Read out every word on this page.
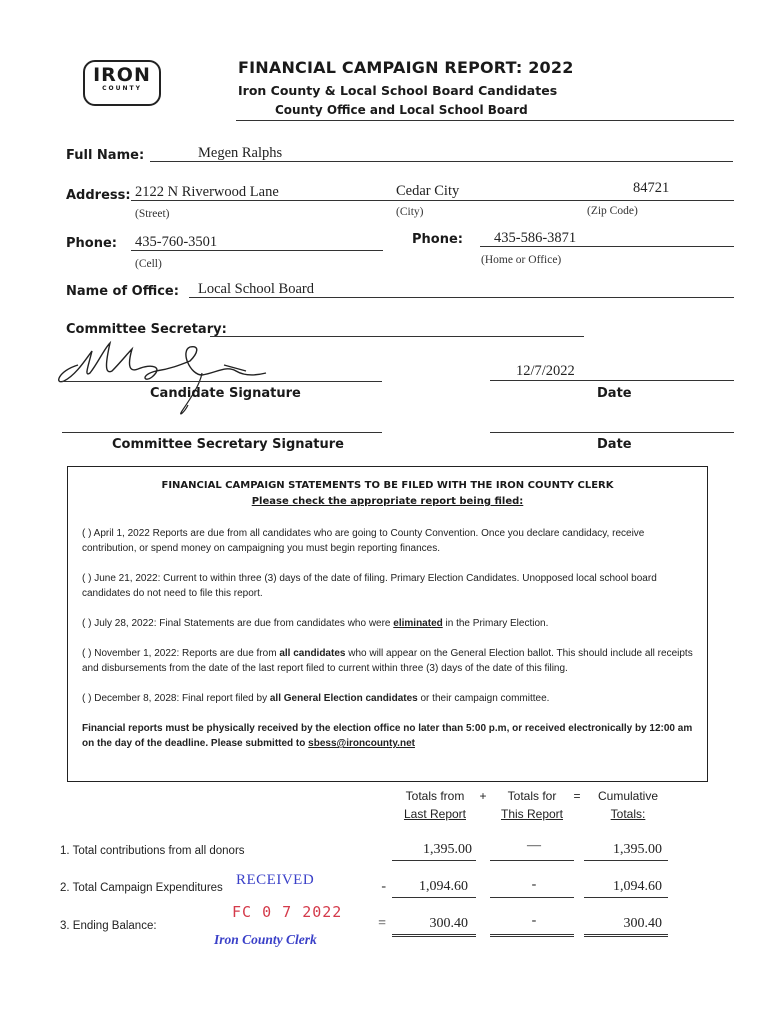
IRON
COUNTY
FINANCIAL CAMPAIGN REPORT: 2022
Iron County & Local School Board Candidates
County Office and Local School Board
Full Name:	Megen Ralphs
Address: 2122 N Riverwood Lane	Cedar City	84721
(Street)	(City)	(Zip Code)
Phone: 435-760-3501
(Cell)
Phone: 435-586-3871
(Home or Office)
Name of Office: Local School Board
Committee Secretary:
Candidate Signature
12/7/2022
Date
Committee Secretary Signature	Date
FINANCIAL CAMPAIGN STATEMENTS TO BE FILED WITH THE IRON COUNTY CLERK
Please check the appropriate report being filed:
( ) April 1, 2022 Reports are due from all candidates who are going to County Convention. Once you declare candidacy, receive contribution, or spend money on campaigning you must begin reporting finances.
( ) June 21, 2022: Current to within three (3) days of the date of filing. Primary Election Candidates. Unopposed local school board candidates do not need to file this report.
( ) July 28, 2022: Final Statements are due from candidates who were eliminated in the Primary Election.
( ) November 1, 2022: Reports are due from all candidates who will appear on the General Election ballot. This should include all receipts and disbursements from the date of the last report filed to current within three (3) days of the date of this filing.
( ) December 8, 2028: Final report filed by all General Election candidates or their campaign committee.
Financial reports must be physically received by the election office no later than 5:00 p.m, or received electronically by 12:00 am on the day of the deadline. Please submitted to sbess@ironcounty.net
Totals from
Last Report
+	Totals for
This Report
=	Cumulative
Totals:
1. Total contributions from all donors	1,395.00	—	1,395.00
2. Total Campaign Expenditures	-	1,094.60	-	1,094.60
3. Ending Balance:	=	300.40	-	300.40
RECEIVED
FC 0 7 2022
Iron County Clerk
